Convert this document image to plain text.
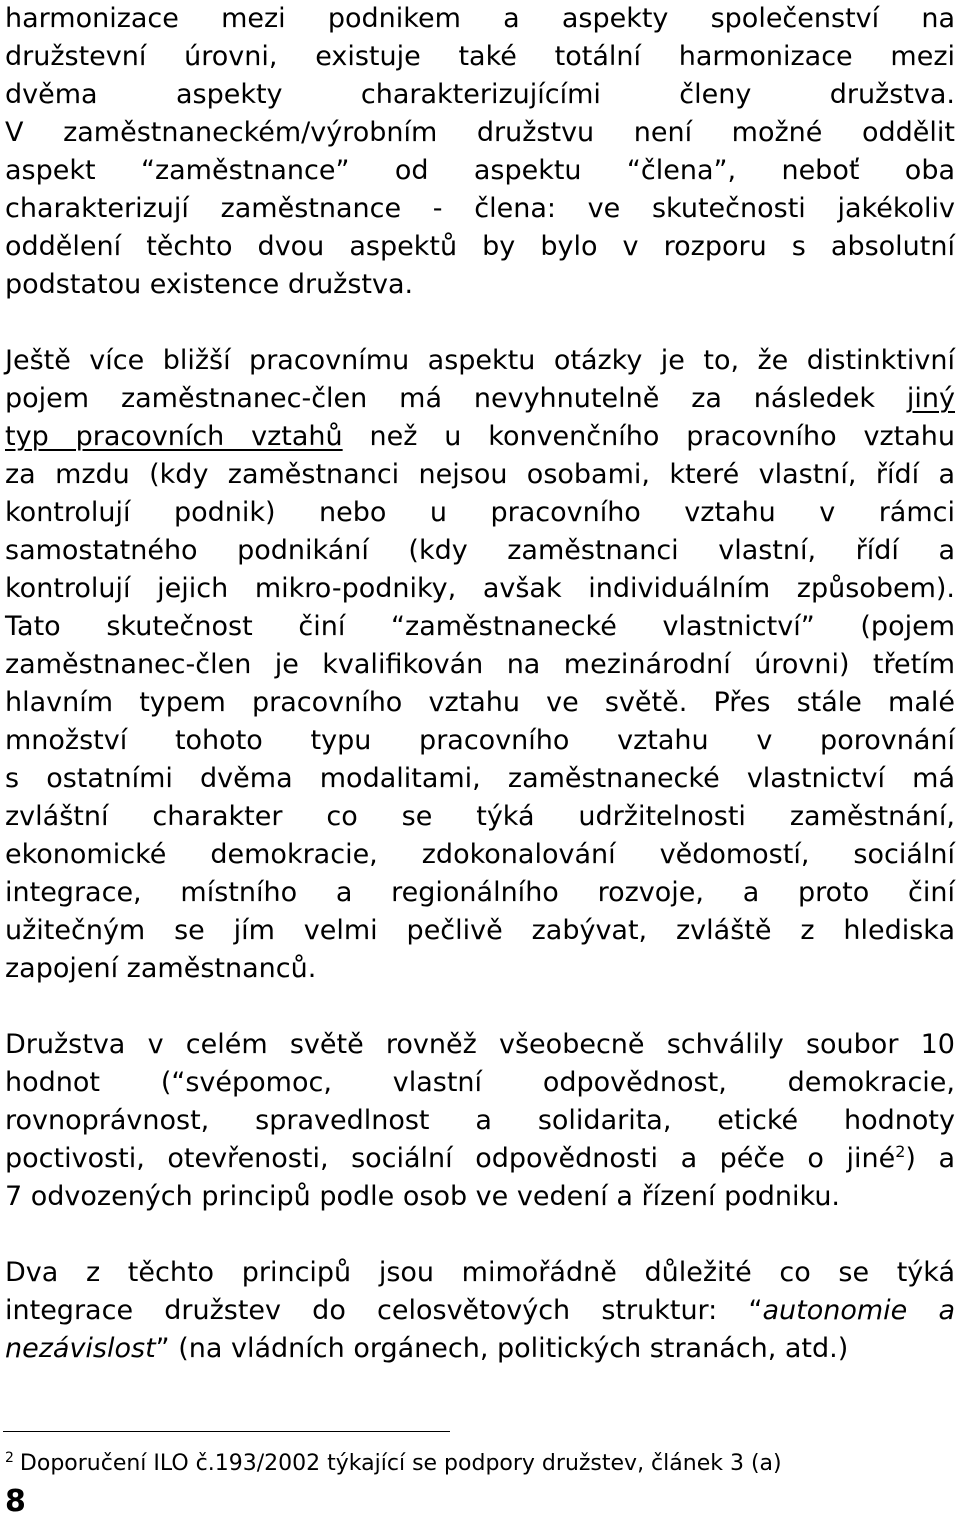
harmonizace mezi podnikem a aspekty společenství na
družstevní úrovni, existuje také totální harmonizace mezi
dvěma aspekty charakterizujícími členy družstva.
V zaměstnaneckém/výrobním družstvu není možné oddělit
aspekt “zaměstnance” od aspektu “člena”, neboť oba
charakterizují zaměstnance - člena: ve skutečnosti jakékoliv
oddělení těchto dvou aspektů by bylo v rozporu s absolutní
podstatou existence družstva.
Ještě více bližší pracovnímu aspektu otázky je to, že distinktivní
pojem zaměstnanec-člen má nevyhnutelně za následek jiný
typ pracovních vztahů než u konvenčního pracovního vztahu
za mzdu (kdy zaměstnanci nejsou osobami, které vlastní, řídí a
kontrolují podnik) nebo u pracovního vztahu v rámci
samostatného podnikání (kdy zaměstnanci vlastní, řídí a
kontrolují jejich mikro-podniky, avšak individuálním způsobem).
Tato skutečnost činí “zaměstnanecké vlastnictví” (pojem
zaměstnanec-člen je kvalifikován na mezinárodní úrovni) třetím
hlavním typem pracovního vztahu ve světě. Přes stále malé
množství tohoto typu pracovního vztahu v porovnání
s ostatními dvěma modalitami, zaměstnanecké vlastnictví má
zvláštní charakter co se týká udržitelnosti zaměstnání,
ekonomické demokracie, zdokonalování vědomostí, sociální
integrace, místního a regionálního rozvoje, a proto činí
užitečným se jím velmi pečlivě zabývat, zvláště z hlediska
zapojení zaměstnanců.
Družstva v celém světě rovněž všeobecně schválily soubor 10
hodnot (“svépomoc, vlastní odpovědnost, demokracie,
rovnoprávnost, spravedlnost a solidarita, etické hodnoty
poctivosti, otevřenosti, sociální odpovědnosti a péče o jiné$^2$) a
7 odvozených principů podle osob ve vedení a řízení podniku.
Dva z těchto principů jsou mimořádně důležité co se týká
integrace družstev do celosvětových struktur: “autonomie a
nezávislost” (na vládních orgánech, politických stranách, atd.)
$^2$ Doporučení ILO č.193/2002 týkající se podpory družstev, článek 3 (a)
8
